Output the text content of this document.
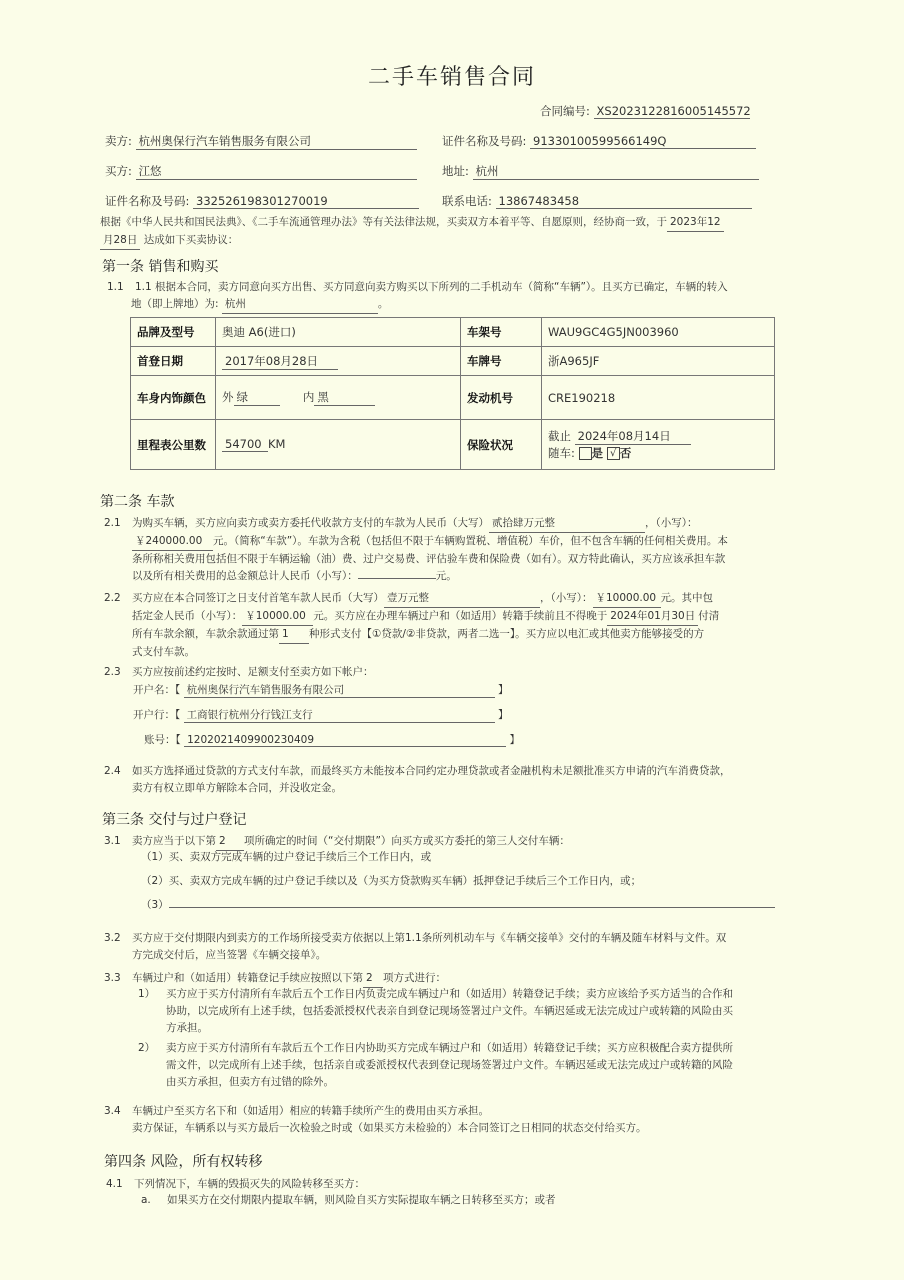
二手车销售合同
合同编号: XS2023122816005145572
卖方: 杭州奥保行汽车销售服务有限公司	证件名称及号码: 91330100599566149Q
买方: 江悠	地址: 杭州
证件名称及号码: 332526198301270019	联系电话: 13867483458
根据《中华人民共和国民法典》、《二手车流通管理办法》等有关法律法规，买卖双方本着平等、自愿原则，经协商一致，于 2023年12
月28日 达成如下买卖协议：
第一条 销售和购买
1.1 1.1 根据本合同，卖方同意向买方出售、买方同意向卖方购买以下所列的二手机动车（简称“车辆”）。且买方已确定，车辆的转入
地（即上牌地）为: 杭州	。
品牌及型号	奥迪 A6(进口)	车架号	WAU9GC4G5JN003960
首登日期	2017年08月28日	车牌号	浙A965JF
车身内饰颜色	外 绿 内 黑	发动机号	CRE190218
里程表公里数	54700 KM	保险状况	截止 2024年08月14日
随车: 是 √ 否
第二条 车款
2.1 为购买车辆，买方应向卖方或卖方委托代收款方支付的车款为人民币（大写） 贰拾肆万元整	，（小写）：
￥240000.00 元。（简称“车款”）。车款为含税（包括但不限于车辆购置税、增值税）车价，但不包含车辆的任何相关费用。本
条所称相关费用包括但不限于车辆运输（油）费、过户交易费、评估验车费和保险费（如有）。双方特此确认，买方应该承担车款
以及所有相关费用的总金额总计人民币（小写）：	元。
2.2 买方应在本合同签订之日支付首笔车款人民币（大写） 壹万元整	，（小写）： ￥10000.00 元。其中包
括定金人民币（小写）： ￥10000.00 元。买方应在办理车辆过户和（如适用）转籍手续前且不得晚于 2024年01月30日 付清
所有车款余额，车款余款通过第 1 种形式支付【①贷款/②非贷款，两者二选一】。买方应以电汇或其他卖方能够接受的方
式支付车款。
2.3 买方应按前述约定按时、足额支付至卖方如下帐户：
开户名：【 杭州奥保行汽车销售服务有限公司	】
开户行：【 工商银行杭州分行钱江支行	】
账号：【 1202021409900230409	】
2.4 如买方选择通过贷款的方式支付车款，而最终买方未能按本合同约定办理贷款或者金融机构未足额批准买方申请的汽车消费贷款，
卖方有权立即单方解除本合同，并没收定金。
第三条 交付与过户登记
3.1 卖方应当于以下第 2 项所确定的时间（“交付期限”）向买方或买方委托的第三人交付车辆：
（1）买、卖双方完成车辆的过户登记手续后三个工作日内，或
（2）买、卖双方完成车辆的过户登记手续以及（为买方贷款购买车辆）抵押登记手续后三个工作日内，或；
（3）
3.2 买方应于交付期限内到卖方的工作场所接受卖方依据以上第1.1条所列机动车与《车辆交接单》交付的车辆及随车材料与文件。双
方完成交付后，应当签署《车辆交接单》。
3.3 车辆过户和（如适用）转籍登记手续应按照以下第 2 项方式进行：
1） 买方应于买方付清所有车款后五个工作日内负责完成车辆过户和（如适用）转籍登记手续；卖方应该给予买方适当的合作和
协助，以完成所有上述手续，包括委派授权代表亲自到登记现场签署过户文件。车辆迟延或无法完成过户或转籍的风险由买
方承担。
2） 卖方应于买方付清所有车款后五个工作日内协助买方完成车辆过户和（如适用）转籍登记手续；买方应积极配合卖方提供所
需文件，以完成所有上述手续，包括亲自或委派授权代表到登记现场签署过户文件。车辆迟延或无法完成过户或转籍的风险
由买方承担，但卖方有过错的除外。
3.4 车辆过户至买方名下和（如适用）相应的转籍手续所产生的费用由买方承担。
卖方保证，车辆系以与买方最后一次检验之时或（如果买方未检验的）本合同签订之日相同的状态交付给买方。
第四条 风险，所有权转移
4.1 下列情况下，车辆的毁损灭失的风险转移至买方：
a. 如果买方在交付期限内提取车辆，则风险自买方实际提取车辆之日转移至买方；或者
